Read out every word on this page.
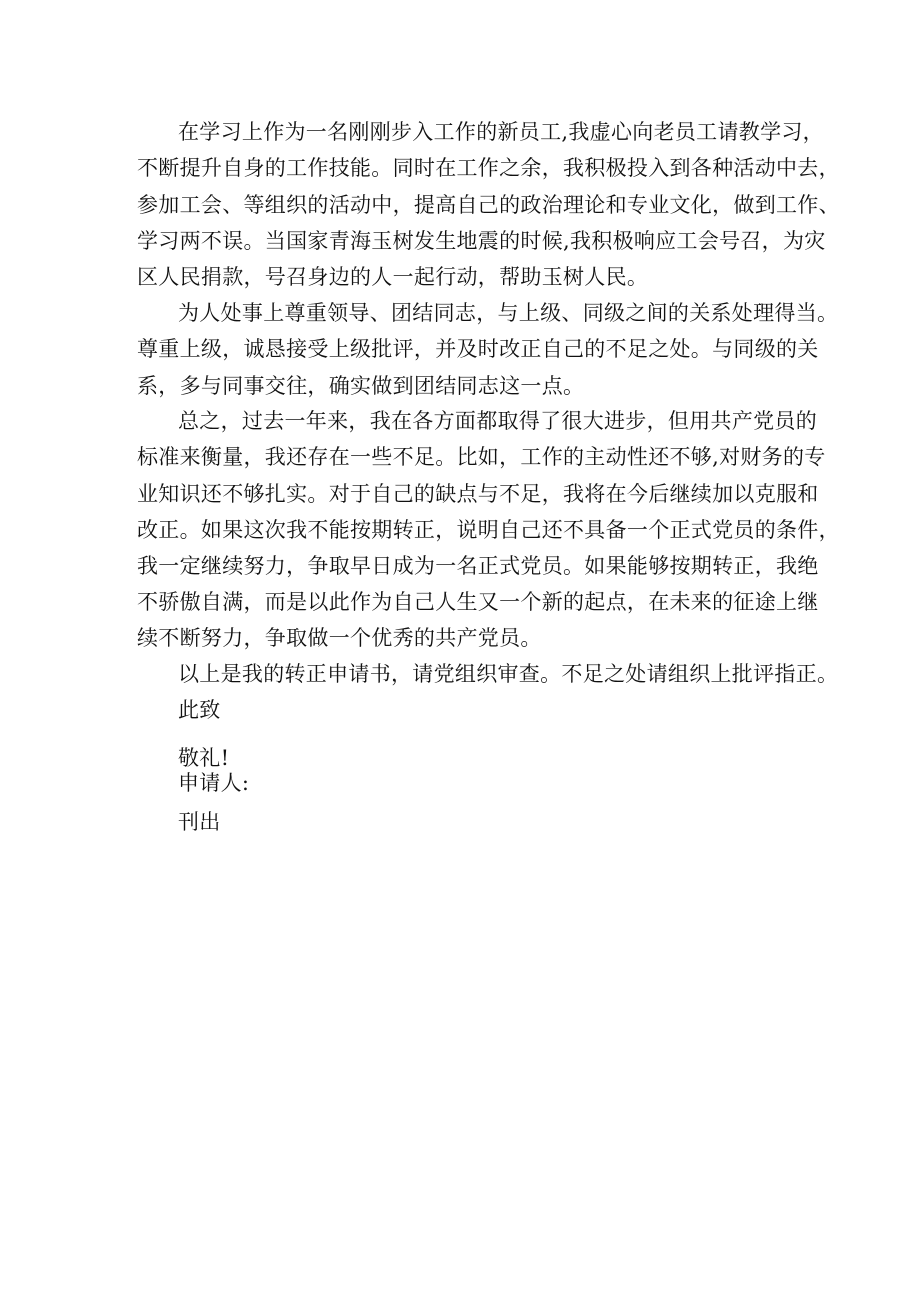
在学习上作为一名刚刚步入工作的新员工,我虚心向老员工请教学习，
不断提升自身的工作技能。同时在工作之余，我积极投入到各种活动中去，
参加工会、等组织的活动中，提高自己的政治理论和专业文化，做到工作、
学习两不误。当国家青海玉树发生地震的时候,我积极响应工会号召，为灾
区人民捐款，号召身边的人一起行动，帮助玉树人民。
为人处事上尊重领导、团结同志，与上级、同级之间的关系处理得当。
尊重上级，诚恳接受上级批评，并及时改正自己的不足之处。与同级的关
系，多与同事交往，确实做到团结同志这一点。
总之，过去一年来，我在各方面都取得了很大进步，但用共产党员的
标准来衡量，我还存在一些不足。比如，工作的主动性还不够,对财务的专
业知识还不够扎实。对于自己的缺点与不足，我将在今后继续加以克服和
改正。如果这次我不能按期转正，说明自己还不具备一个正式党员的条件，
我一定继续努力，争取早日成为一名正式党员。如果能够按期转正，我绝
不骄傲自满，而是以此作为自己人生又一个新的起点，在未来的征途上继
续不断努力，争取做一个优秀的共产党员。
以上是我的转正申请书，请党组织审查。不足之处请组织上批评指正。
此致
敬礼!
申请人:
刊出
